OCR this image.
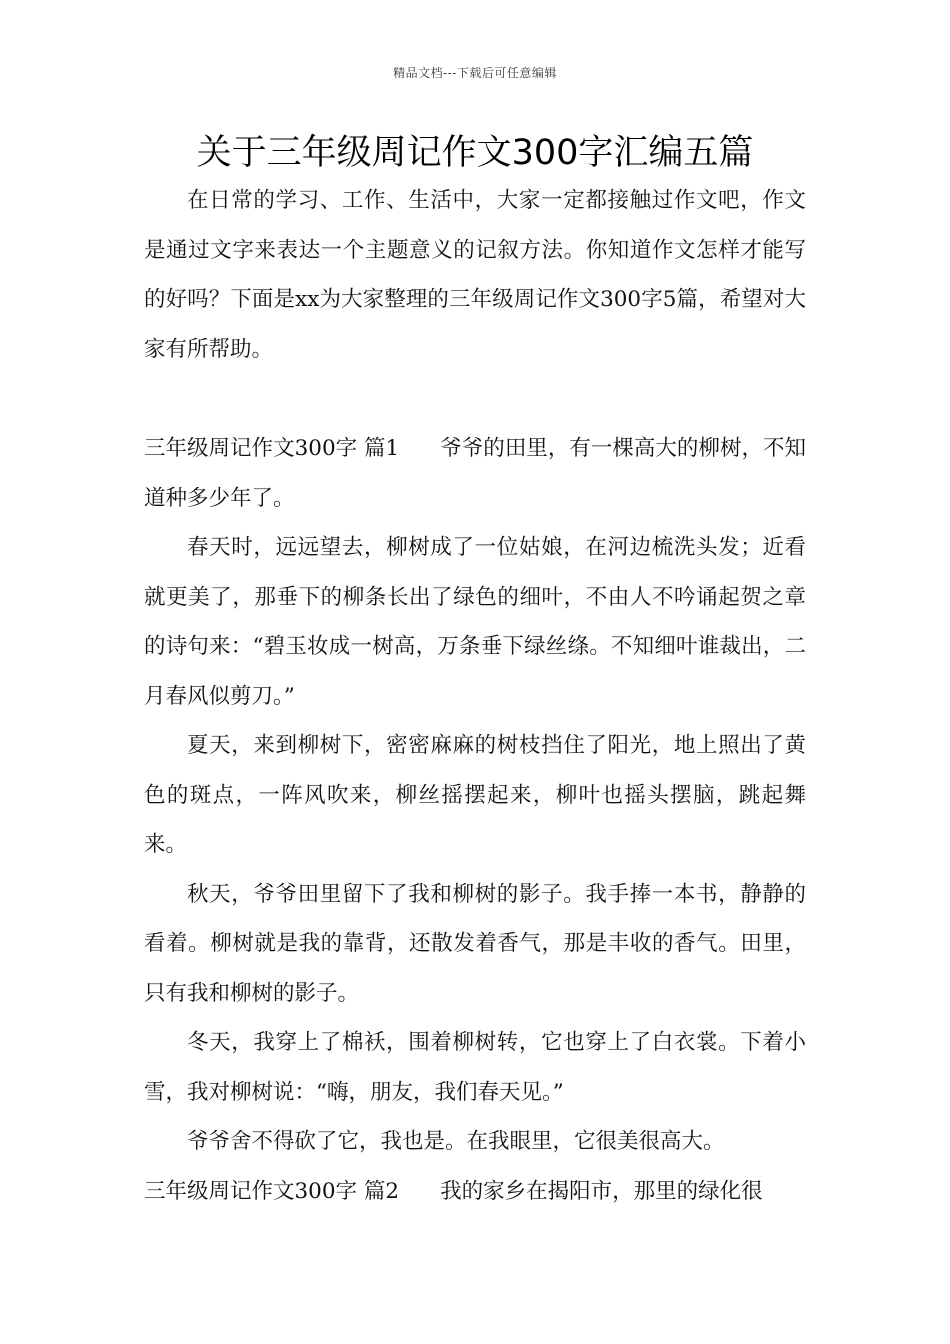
精品文档---下载后可任意编辑
关于三年级周记作文300字汇编五篇

在日常的学习、工作、生活中，大家一定都接触过作文吧，作文是通过文字来表达一个主题意义的记叙方法。你知道作文怎样才能写的好吗？下面是xx为大家整理的三年级周记作文300字5篇，希望对大家有所帮助。

三年级周记作文300字 篇1 爷爷的田里，有一棵高大的柳树，不知道种多少年了。

春天时，远远望去，柳树成了一位姑娘，在河边梳洗头发；近看就更美了，那垂下的柳条长出了绿色的细叶，不由人不吟诵起贺之章的诗句来：“碧玉妆成一树高，万条垂下绿丝绦。不知细叶谁裁出，二月春风似剪刀。”

夏天，来到柳树下，密密麻麻的树枝挡住了阳光，地上照出了黄色的斑点，一阵风吹来，柳丝摇摆起来，柳叶也摇头摆脑，跳起舞来。

秋天，爷爷田里留下了我和柳树的影子。我手捧一本书，静静的看着。柳树就是我的靠背，还散发着香气，那是丰收的香气。田里，只有我和柳树的影子。

冬天，我穿上了棉袄，围着柳树转，它也穿上了白衣裳。下着小雪，我对柳树说：“嗨，朋友，我们春天见。”

爷爷舍不得砍了它，我也是。在我眼里，它很美很高大。

三年级周记作文300字 篇2 我的家乡在揭阳市，那里的绿化很
